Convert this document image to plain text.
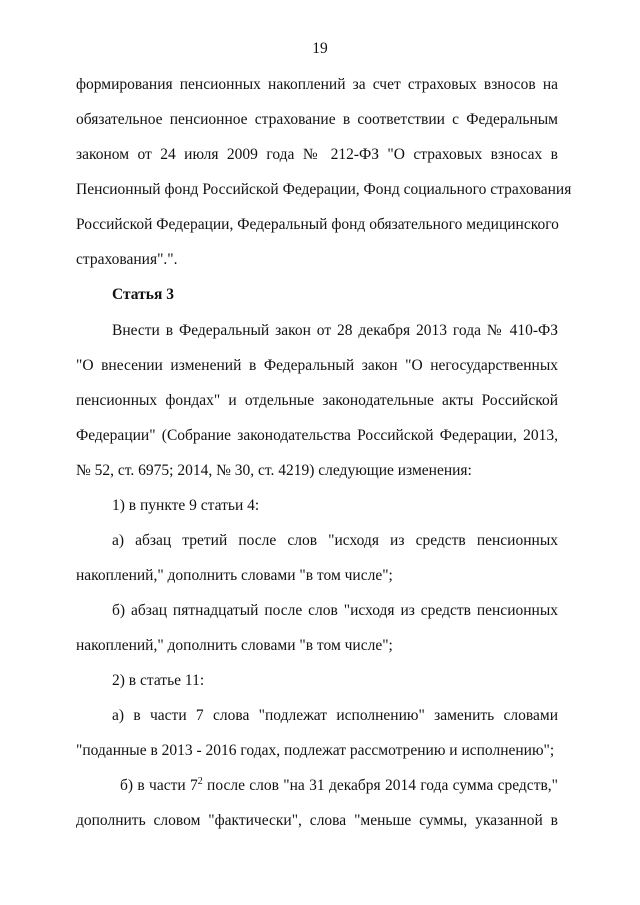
19
формирования пенсионных накоплений за счет страховых взносов на
обязательное пенсионное страхование в соответствии с Федеральным
законом от 24 июля 2009 года № 212-ФЗ "О страховых взносах в
Пенсионный фонд Российской Федерации, Фонд социального страхования
Российской Федерации, Федеральный фонд обязательного медицинского
страхования".".
Статья 3
Внести в Федеральный закон от 28 декабря 2013 года № 410-ФЗ
"О внесении изменений в Федеральный закон "О негосударственных
пенсионных фондах" и отдельные законодательные акты Российской
Федерации" (Собрание законодательства Российской Федерации, 2013,
№ 52, ст. 6975; 2014, № 30, ст. 4219) следующие изменения:
1) в пункте 9 статьи 4:
а) абзац третий после слов "исходя из средств пенсионных
накоплений," дополнить словами "в том числе";
б) абзац пятнадцатый после слов "исходя из средств пенсионных
накоплений," дополнить словами "в том числе";
2) в статье 11:
а) в части 7 слова "подлежат исполнению" заменить словами
"поданные в 2013 - 2016 годах, подлежат рассмотрению и исполнению";
б) в части $7^2$ после слов "на 31 декабря 2014 года сумма средств,"
дополнить словом "фактически", слова "меньше суммы, указанной в
